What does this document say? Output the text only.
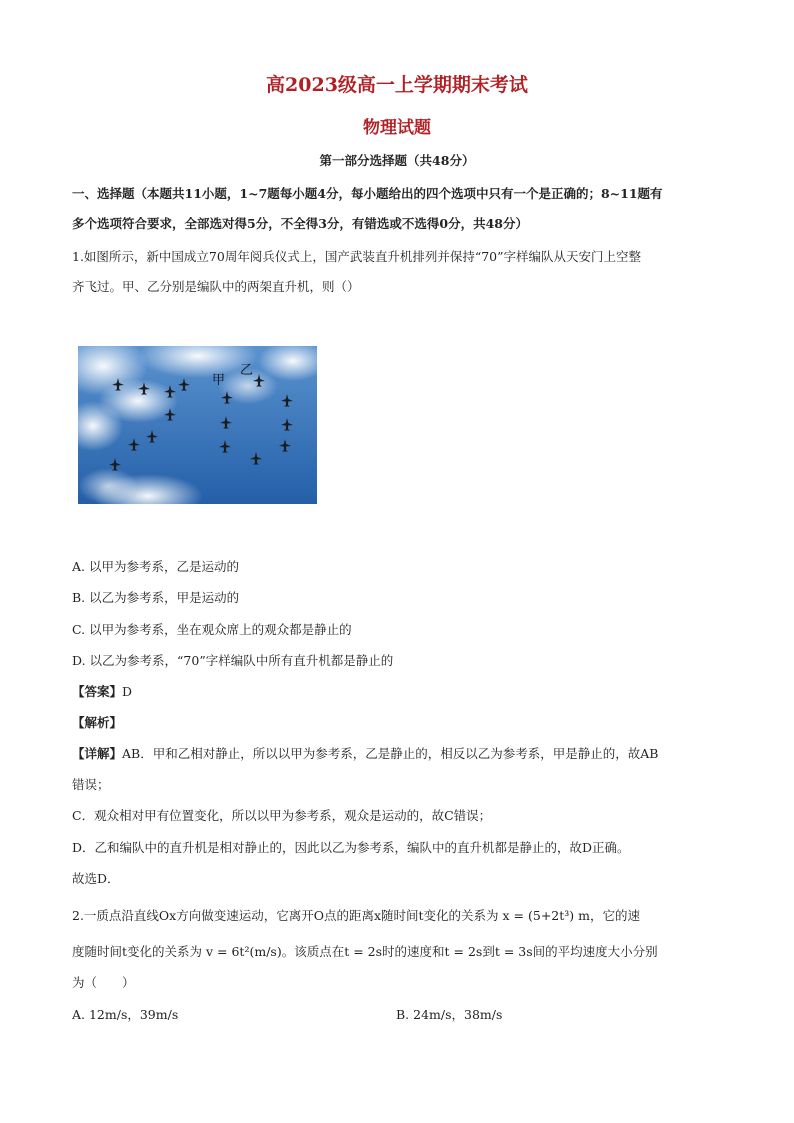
高2023级高一上学期期末考试
物理试题
第一部分选择题（共48分）
一、选择题（本题共11小题，1~7题每小题4分，每小题给出的四个选项中只有一个是正确的；8~11题有
多个选项符合要求，全部选对得5分，不全得3分，有错选或不选得0分，共48分）
1.如图所示，新中国成立70周年阅兵仪式上，国产武装直升机排列并保持“70”字样编队从天安门上空整
齐飞过。甲、乙分别是编队中的两架直升机，则（）
甲
乙
A. 以甲为参考系，乙是运动的
B. 以乙为参考系，甲是运动的
C. 以甲为参考系，坐在观众席上的观众都是静止的
D. 以乙为参考系，“70”字样编队中所有直升机都是静止的
【答案】D
【解析】
【详解】AB．甲和乙相对静止，所以以甲为参考系，乙是静止的，相反以乙为参考系，甲是静止的，故AB
错误；
C．观众相对甲有位置变化，所以以甲为参考系，观众是运动的，故C错误；
D．乙和编队中的直升机是相对静止的，因此以乙为参考系，编队中的直升机都是静止的，故D正确。
故选D．
2.一质点沿直线Ox方向做变速运动，它离开O点的距离x随时间t变化的关系为 x = (5+2t³) m，它的速
度随时间t变化的关系为 v = 6t²(m/s)。该质点在t = 2s时的速度和t = 2s到t = 3s间的平均速度大小分别
为（　　）
A. 12m/s，39m/s	B. 24m/s，38m/s
